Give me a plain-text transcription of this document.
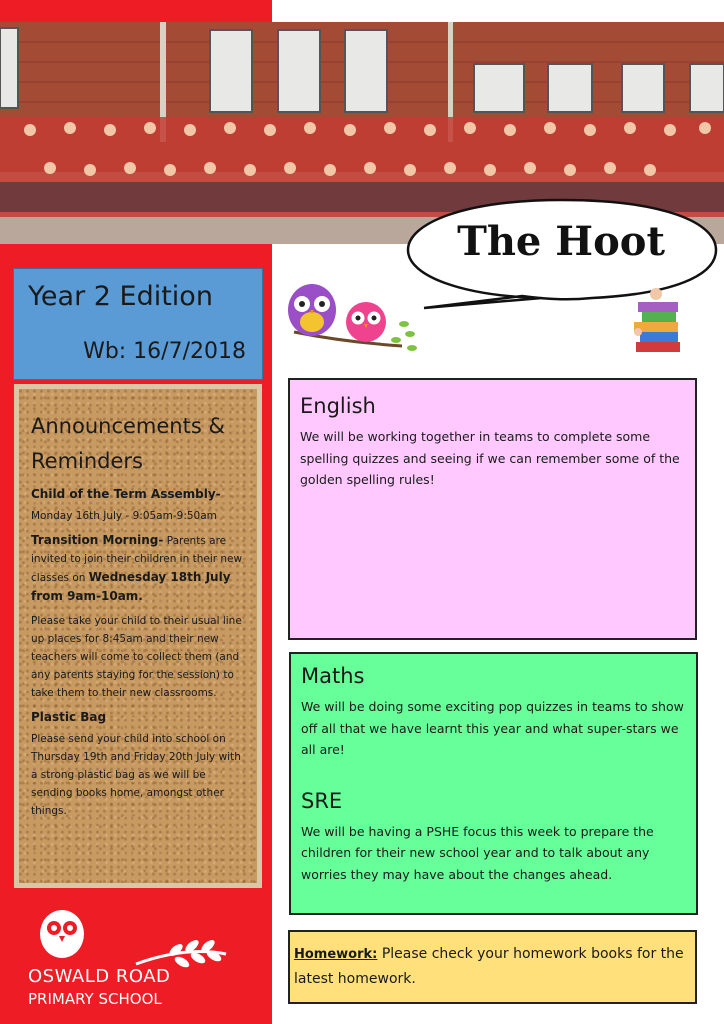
The Hoot
Year 2 Edition
Wb: 16/7/2018
Announcements & Reminders
Child of the Term Assembly-
Monday 16th July - 9:05am-9:50am
Transition Morning- Parents are invited to join their children in their new classes on Wednesday 18th July from 9am-10am.
Please take your child to their usual line up places for 8:45am and their new teachers will come to collect them (and any parents staying for the session) to take them to their new classrooms.
Plastic Bag
Please send your child into school on Thursday 19th and Friday 20th July with a strong plastic bag as we will be sending books home, amongst other things.
OSWALD ROAD
PRIMARY SCHOOL
English
We will be working together in teams to complete some spelling quizzes and seeing if we can remember some of the golden spelling rules!
Maths
We will be doing some exciting pop quizzes in teams to show off all that we have learnt this year and what super-stars we all are!
SRE
We will be having a PSHE focus this week to prepare the children for their new school year and to talk about any worries they may have about the changes ahead.
Homework: Please check your homework books for the latest homework.
